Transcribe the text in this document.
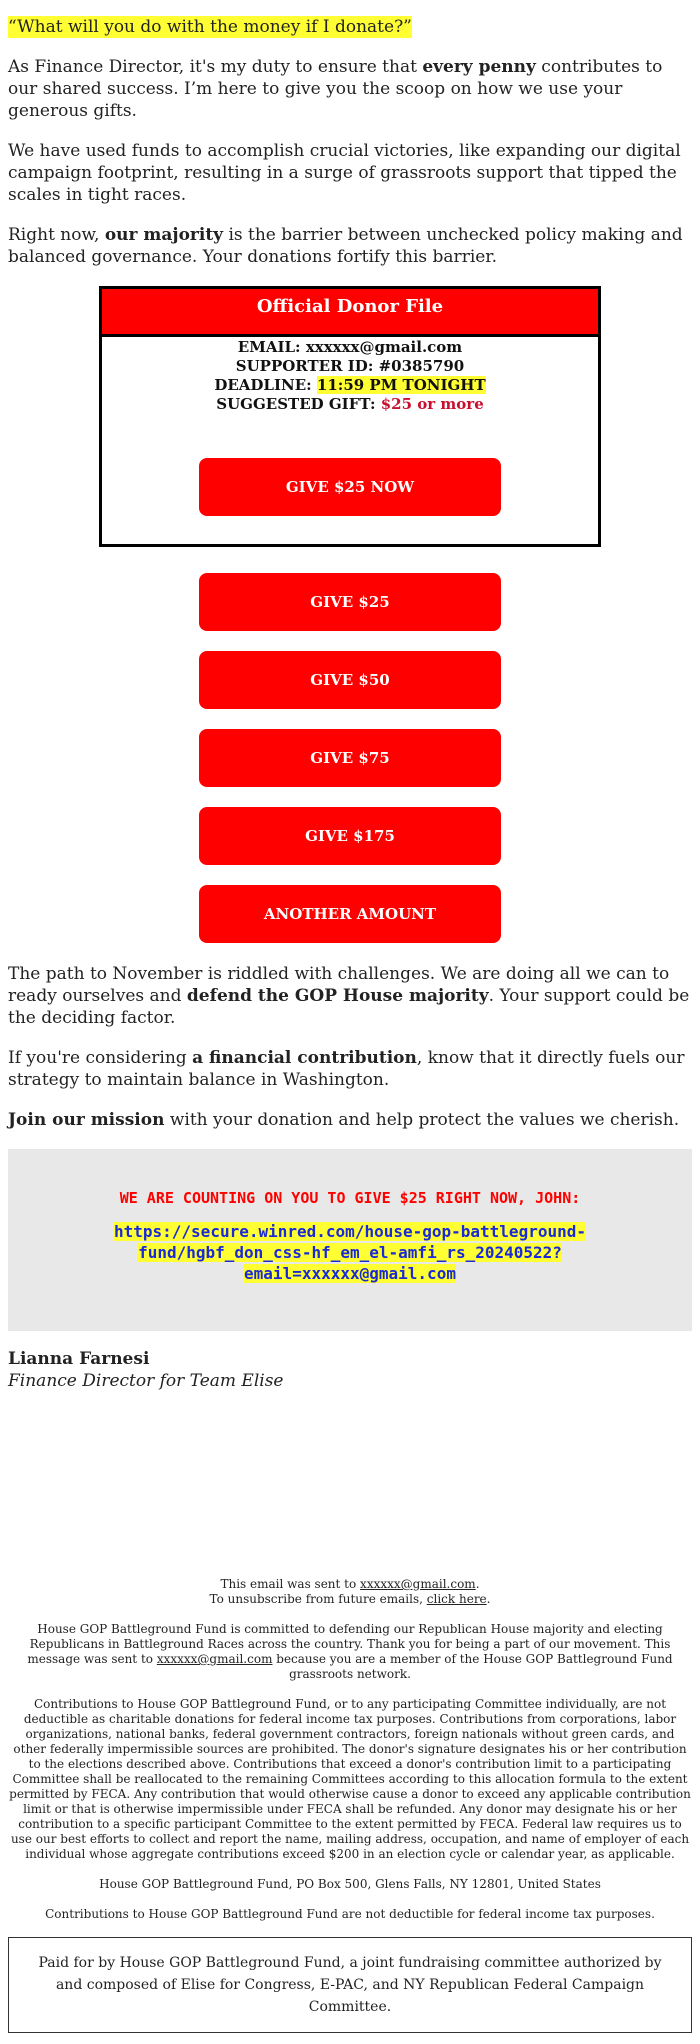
“What will you do with the money if I donate?”

As Finance Director, it's my duty to ensure that every penny contributes to our shared success. I’m here to give you the scoop on how we use your generous gifts.

We have used funds to accomplish crucial victories, like expanding our digital campaign footprint, resulting in a surge of grassroots support that tipped the scales in tight races.

Right now, our majority is the barrier between unchecked policy making and balanced governance. Your donations fortify this barrier.

Official Donor File
EMAIL: xxxxxx@gmail.com
SUPPORTER ID: #0385790
DEADLINE: 11:59 PM TONIGHT
SUGGESTED GIFT: $25 or more
GIVE $25 NOW
GIVE $25
GIVE $50
GIVE $75
GIVE $175
ANOTHER AMOUNT

The path to November is riddled with challenges. We are doing all we can to ready ourselves and defend the GOP House majority. Your support could be the deciding factor.

If you're considering a financial contribution, know that it directly fuels our strategy to maintain balance in Washington.

Join our mission with your donation and help protect the values we cherish.

WE ARE COUNTING ON YOU TO GIVE $25 RIGHT NOW, JOHN:
https://secure.winred.com/house-gop-battleground-
fund/hgbf_don_css-hf_em_el-amfi_rs_20240522?
email=xxxxxx@gmail.com
Lianna Farnesi
Finance Director for Team Elise

This email was sent to xxxxxx@gmail.com.
To unsubscribe from future emails, click here.

House GOP Battleground Fund is committed to defending our Republican House majority and electing Republicans in Battleground Races across the country. Thank you for being a part of our movement. This message was sent to xxxxxx@gmail.com because you are a member of the House GOP Battleground Fund grassroots network.

Contributions to House GOP Battleground Fund, or to any participating Committee individually, are not deductible as charitable donations for federal income tax purposes. Contributions from corporations, labor organizations, national banks, federal government contractors, foreign nationals without green cards, and other federally impermissible sources are prohibited. The donor's signature designates his or her contribution to the elections described above. Contributions that exceed a donor's contribution limit to a participating Committee shall be reallocated to the remaining Committees according to this allocation formula to the extent permitted by FECA. Any contribution that would otherwise cause a donor to exceed any applicable contribution limit or that is otherwise impermissible under FECA shall be refunded. Any donor may designate his or her contribution to a specific participant Committee to the extent permitted by FECA. Federal law requires us to use our best efforts to collect and report the name, mailing address, occupation, and name of employer of each individual whose aggregate contributions exceed $200 in an election cycle or calendar year, as applicable.

House GOP Battleground Fund, PO Box 500, Glens Falls, NY 12801, United States

Contributions to House GOP Battleground Fund are not deductible for federal income tax purposes.

Paid for by House GOP Battleground Fund, a joint fundraising committee authorized by and composed of Elise for Congress, E-PAC, and NY Republican Federal Campaign Committee.
